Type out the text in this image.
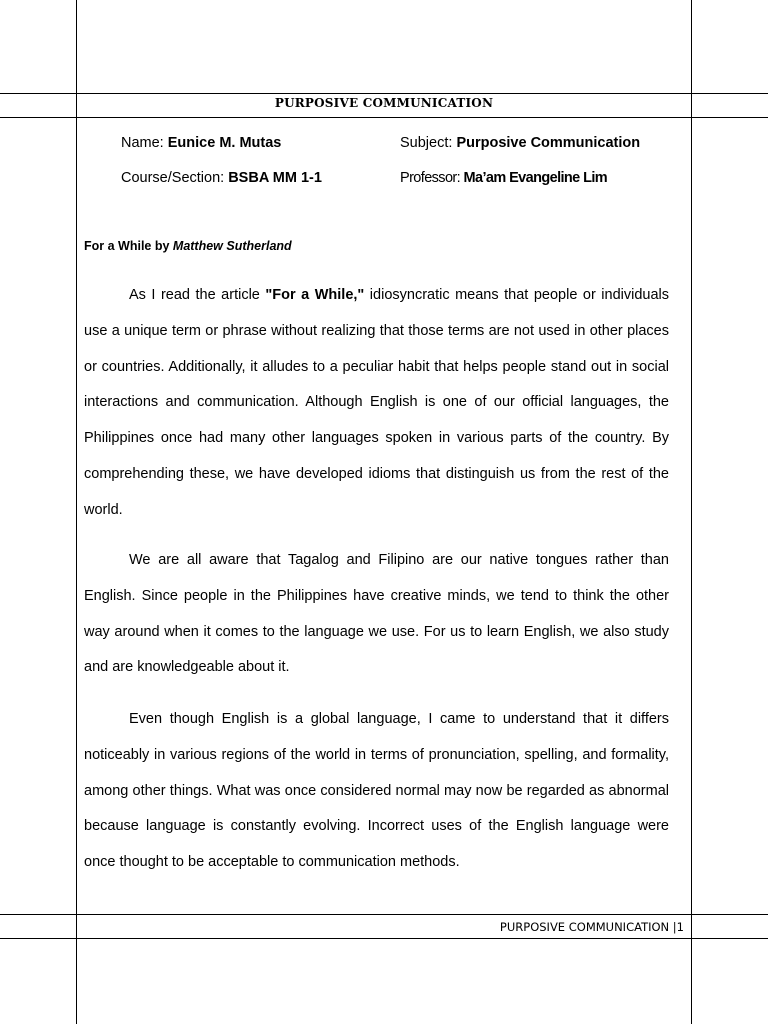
PURPOSIVE COMMUNICATION
Name: Eunice M. Mutas	Subject: Purposive Communication
Course/Section: BSBA MM 1-1	Professor: Ma’am Evangeline Lim
For a While by Matthew Sutherland

As I read the article "For a While," idiosyncratic means that people or individuals use a unique term or phrase without realizing that those terms are not used in other places or countries. Additionally, it alludes to a peculiar habit that helps people stand out in social interactions and communication. Although English is one of our official languages, the Philippines once had many other languages spoken in various parts of the country. By comprehending these, we have developed idioms that distinguish us from the rest of the world.

We are all aware that Tagalog and Filipino are our native tongues rather than English. Since people in the Philippines have creative minds, we tend to think the other way around when it comes to the language we use. For us to learn English, we also study and are knowledgeable about it.

Even though English is a global language, I came to understand that it differs noticeably in various regions of the world in terms of pronunciation, spelling, and formality, among other things. What was once considered normal may now be regarded as abnormal because language is constantly evolving. Incorrect uses of the English language were once thought to be acceptable to communication methods.

PURPOSIVE COMMUNICATION |1
